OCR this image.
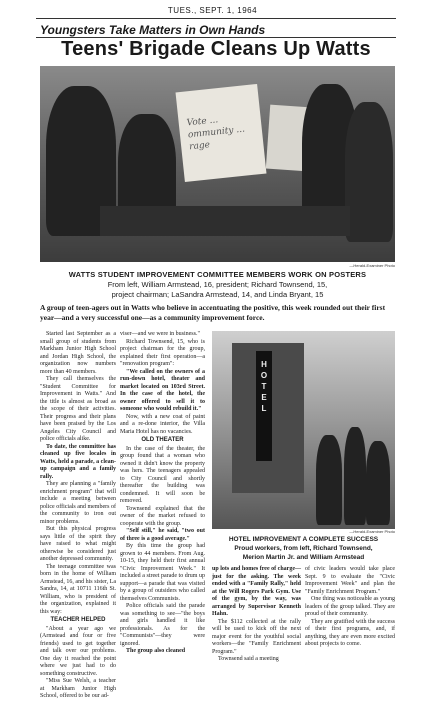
TUES., SEPT. 1, 1964
Youngsters Take Matters in Own Hands
Teens' Brigade Cleans Up Watts
Vote ... ommunity ... rage
—Herald-Examiner Photo
WATTS STUDENT IMPROVEMENT COMMITTEE MEMBERS WORK ON POSTERS
From left, William Armstead, 16, president; Richard Townsend, 15,
project chairman; LaSandra Armstead, 14, and Linda Bryant, 15
A group of teen-agers out in Watts who believe in accentuating the positive, this week rounded out their first year—and a very successful one—as a community improvement force.

Started last September as a small group of students from Markham Junior High School and Jordan High School, the organization now numbers more than 40 members.

They call themselves the "Student Committee for Improvement in Watts." And the title is almost as broad as the scope of their activities. Their progress and their plans have been praised by the Los Angeles City Council and police officials alike.

To date, the committee has cleaned up five locales in Watts, held a parade, a clean-up campaign and a family rally.

They are planning a "family enrichment program" that will include a meeting between police officials and members of the community to iron out minor problems.

But this physical progress says little of the spirit they have raised to what might otherwise be considered just another depressed community.

The teenage committee was born in the home of William Armstead, 16, and his sister, La Sandra, 14, at 10711 116th St. William, who is president of the organization, explained it this way:

TEACHER HELPED

"About a year ago we (Armstead and four or five friends) used to get together and talk over our problems. One day it reached the point where we just had to do something constructive.

"Miss Sue Welsh, a teacher at Markham Junior High School, offered to be our ad-

viser—and we were in business."

Richard Townsend, 15, who is project chairman for the group, explained their first operation—a "renovation program":

"We called on the owners of a run-down hotel, theater and market located on 103rd Street. In the case of the hotel, the owner offered to sell it to someone who would rebuild it."

Now, with a new coat of paint and a re-done interior, the Villa Maria Hotel has no vacancies.

OLD THEATER

In the case of the theater, the group found that a woman who owned it didn't know the property was hers. The teenagers appealed to City Council and shortly thereafter the building was condemned. It will soon be removed.

Townsend explained that the owner of the market refused to cooperate with the group.

"Self still," he said, "two out of three is a good average."

By this time the group had grown to 44 members. From Aug. 10-15, they held their first annual "Civic Improvement Week." It included a street parade to drum up support—a parade that was visited by a group of outsiders who called themselves Communists.

Police officials said the parade was something to see—"the boys and girls handled it like professionals. As for the "Communists"—they were ignored.

The group also cleaned

HOTEL
—Herald-Examiner Photo
HOTEL IMPROVEMENT A COMPLETE SUCCESS
Proud workers, from left, Richard Townsend,
Merion Martin Jr. and William Armstead

up lots and homes free of charge—just for the asking. The week ended with a "Family Rally," held at the Will Rogers Park Gym. Use of the gym, by the way, was arranged by Supervisor Kenneth Hahn.

The $112 collected at the rally will be used to kick off the next major event for the youthful social workers—the "Family Enrichment Program."

Townsend said a meeting

of civic leaders would take place Sept. 9 to evaluate the "Civic Improvement Week" and plan the "Family Enrichment Program."

One thing was noticeable as young leaders of the group talked. They are proud of their community.

They are gratified with the success of their first programs, and, if anything, they are even more excited about projects to come.
